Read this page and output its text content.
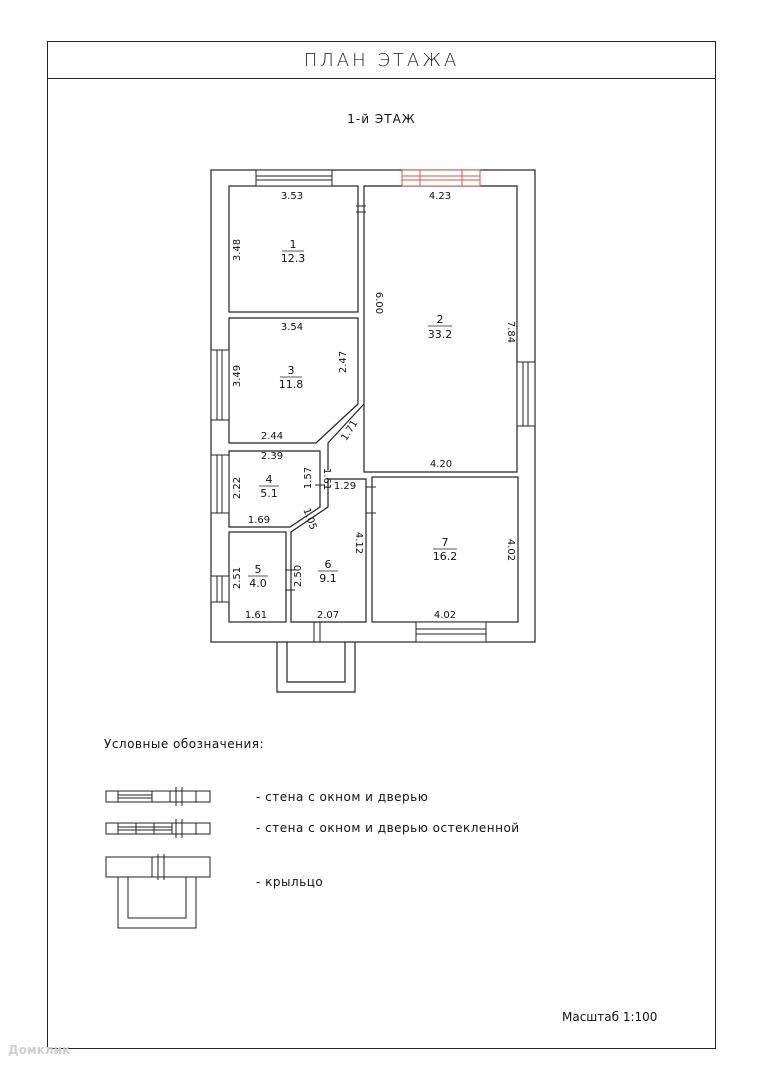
ПЛАН ЭТАЖА
1-й ЭТАЖ
1
12.3
2
33.2
3
11.8
4
5.1
5
4.0
6
9.1
7
16.2
3.53
3.48
4.23
6.00
7.84
4.20
3.54
3.49
2.47
2.44	1.71
2.39
2.22	1.57
1.69	1.05
2.51
1.61
2.50
2.07
1.61 1.29
4.12	4.02
4.02
Условные обозначения:
- стена с окном и дверью
- стена с окном и дверью остекленной
- крыльцо
Масштаб 1:100
Домклик
